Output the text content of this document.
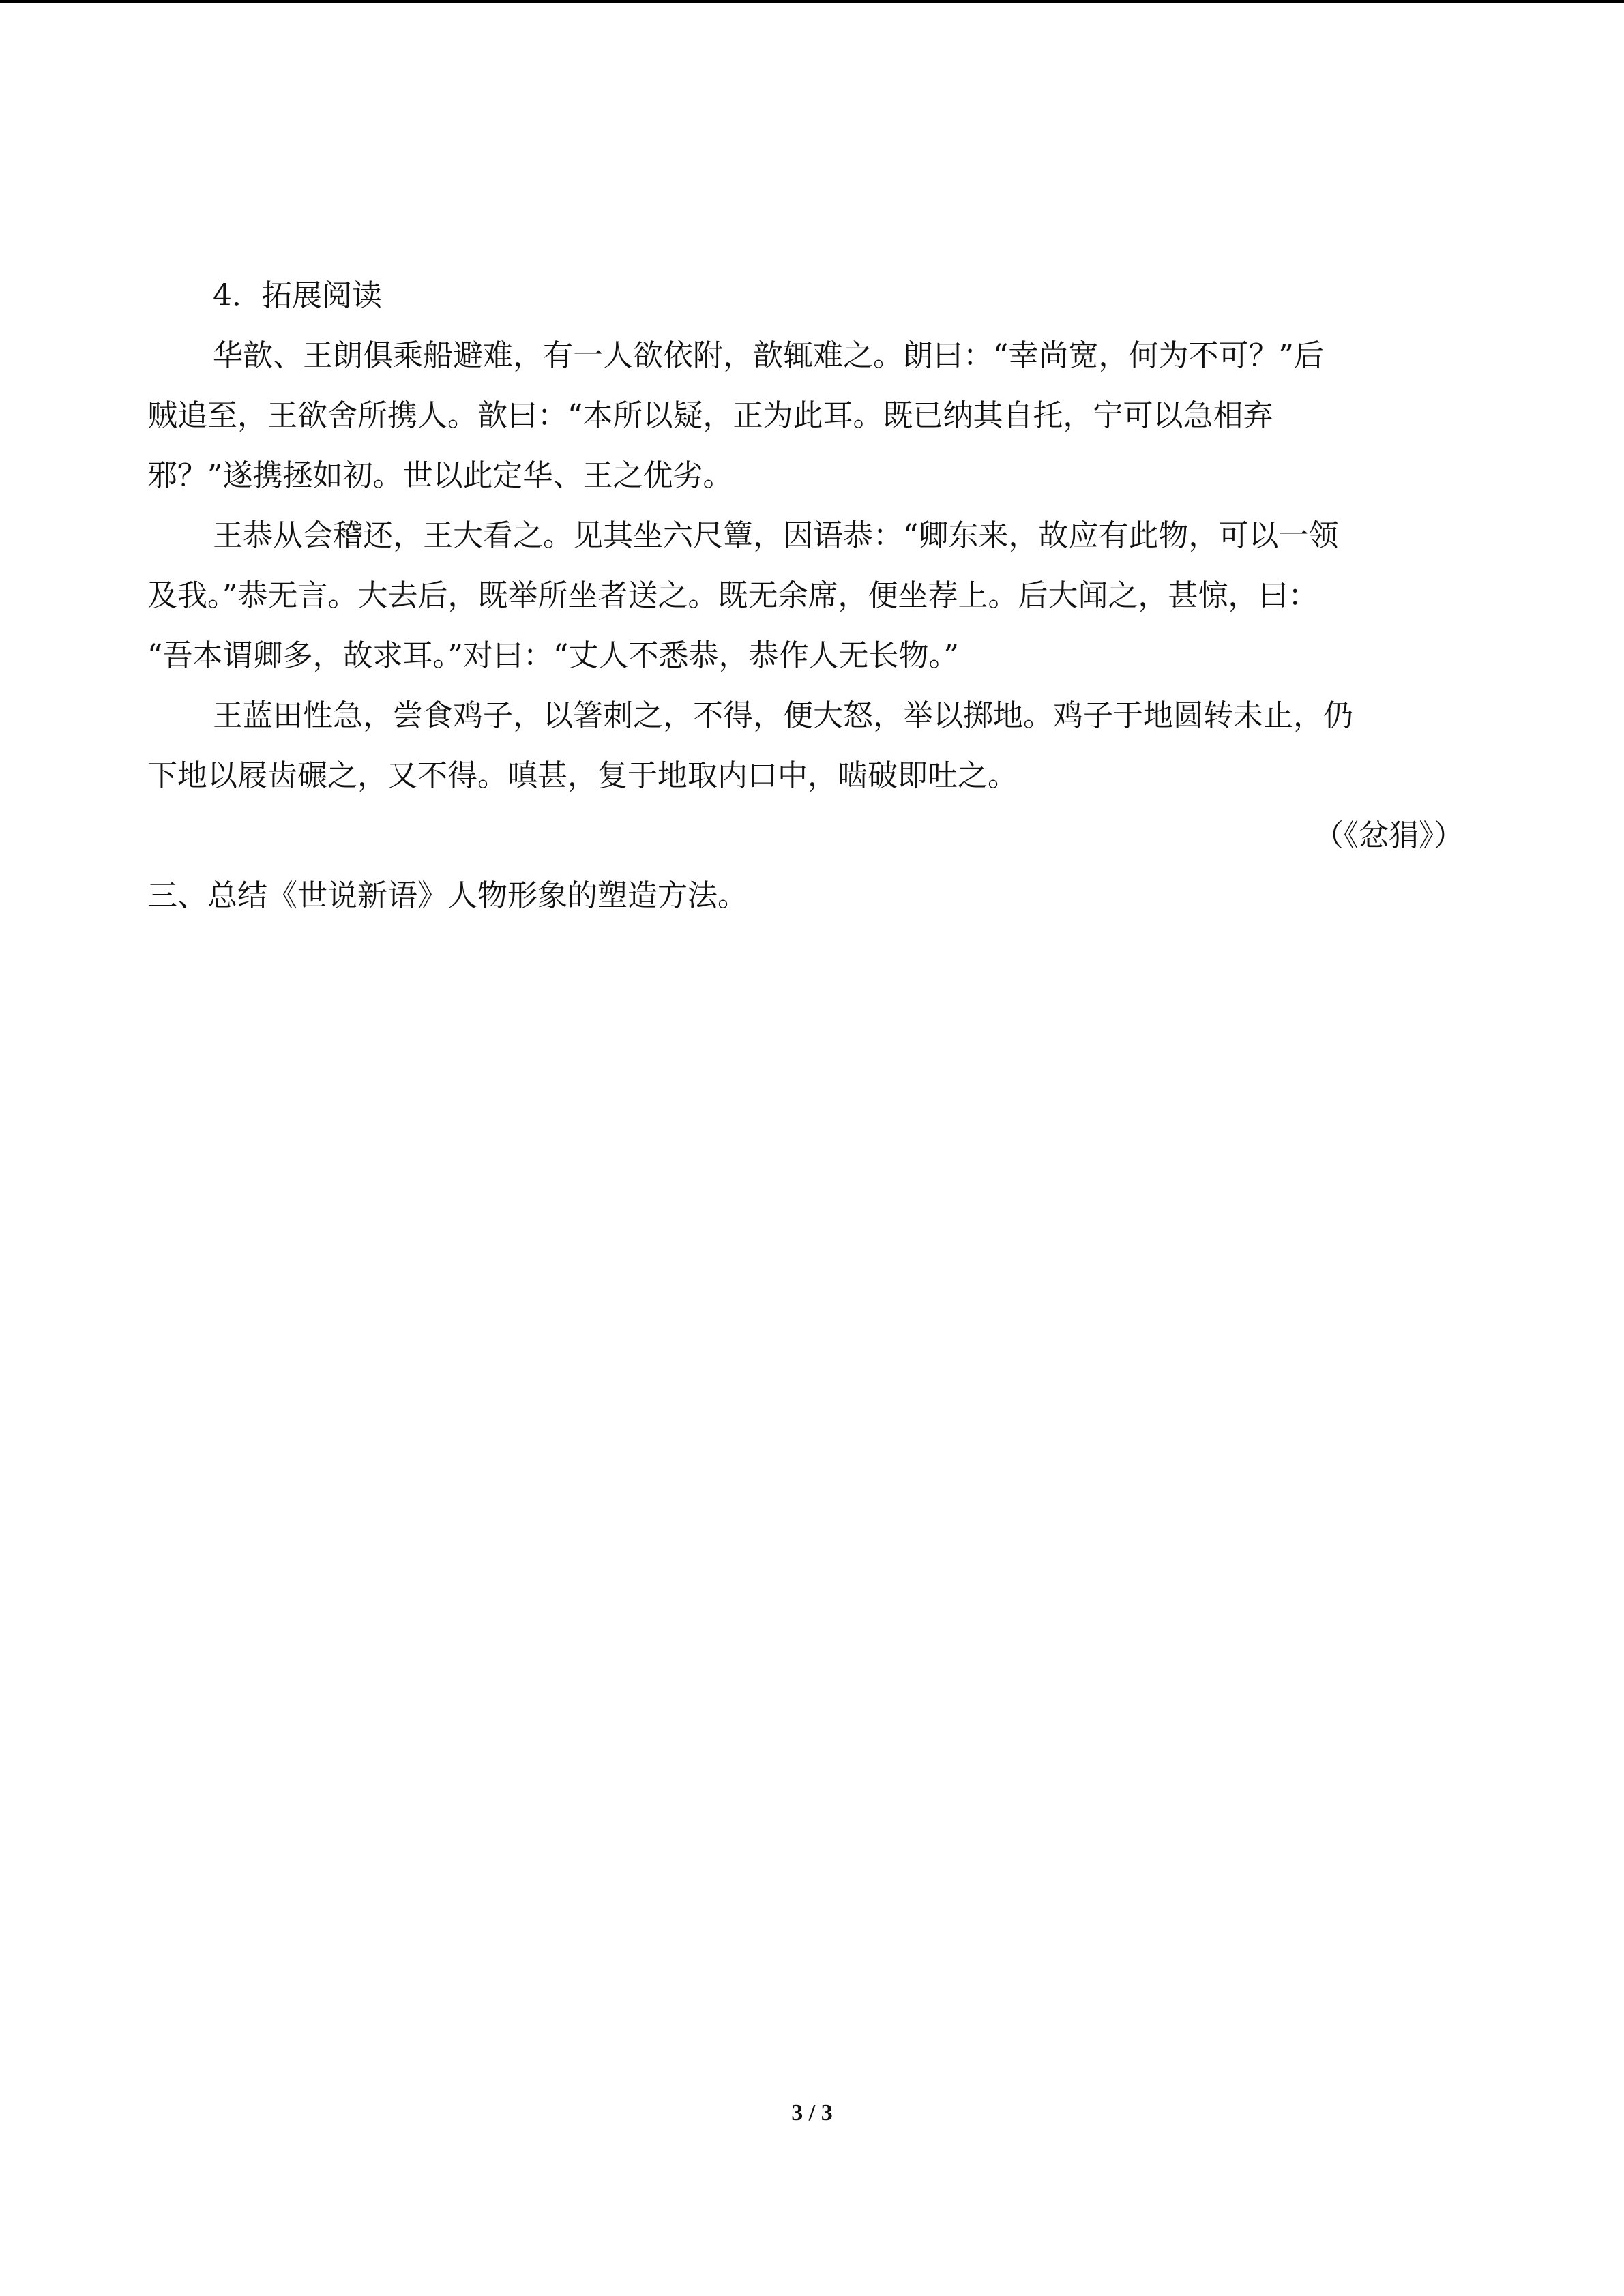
4．拓展阅读
华歆、王朗俱乘船避难，有一人欲依附，歆辄难之。朗曰：“幸尚宽，何为不可？”后
贼追至，王欲舍所携人。歆曰：“本所以疑，正为此耳。既已纳其自托，宁可以急相弃
邪？”遂携拯如初。世以此定华、王之优劣。
王恭从会稽还，王大看之。见其坐六尺簟，因语恭：“卿东来，故应有此物，可以一领
及我。”恭无言。大去后，既举所坐者送之。既无余席，便坐荐上。后大闻之，甚惊，曰：
“吾本谓卿多，故求耳。”对曰：“丈人不悉恭，恭作人无长物。”
王蓝田性急，尝食鸡子，以箸刺之，不得，便大怒，举以掷地。鸡子于地圆转未止，仍
下地以屐齿碾之，又不得。嗔甚，复于地取内口中，啮破即吐之。
（《忿狷》）
三、总结《世说新语》人物形象的塑造方法。
3 / 3
